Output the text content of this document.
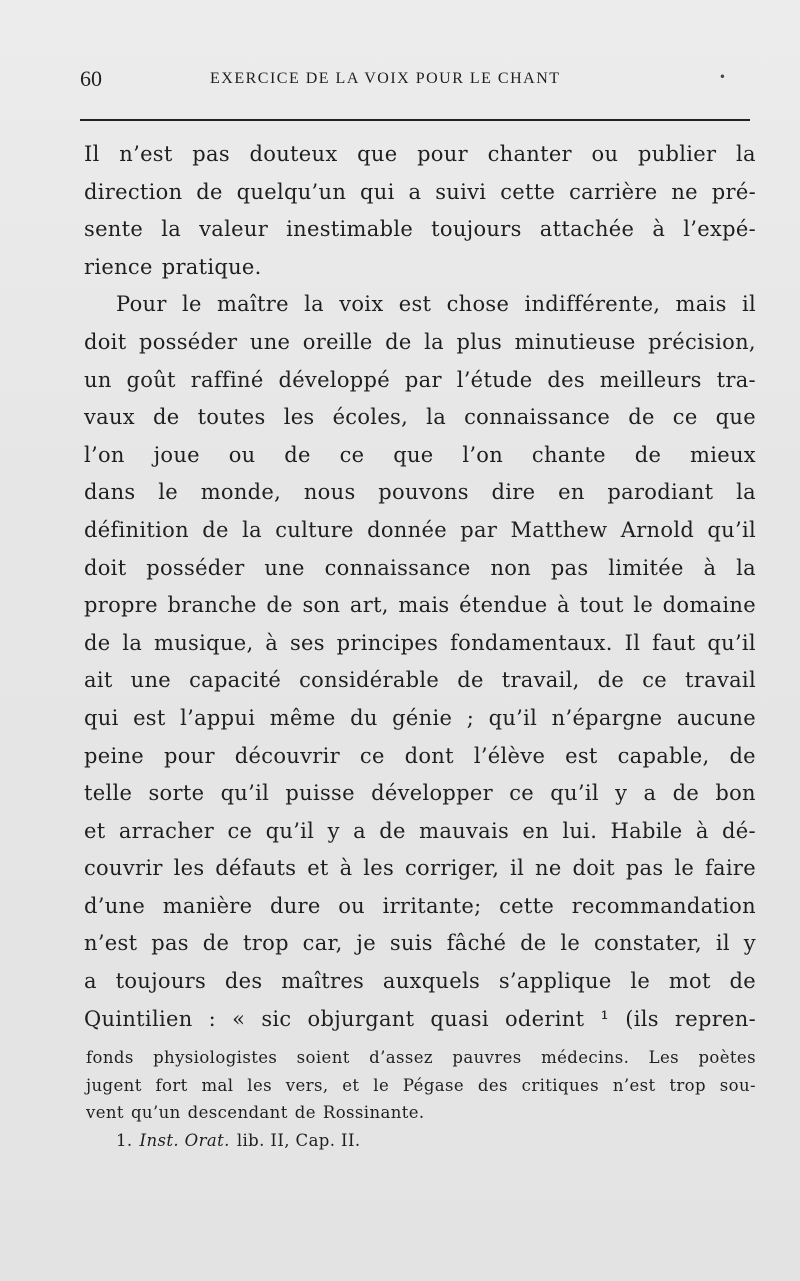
60	EXERCICE DE LA VOIX POUR LE CHANT	•
Il n’est pas douteux que pour chanter ou publier la
direction de quelqu’un qui a suivi cette carrière ne pré-
sente la valeur inestimable toujours attachée à l’expé-
rience pratique.
Pour le maître la voix est chose indifférente, mais il
doit posséder une oreille de la plus minutieuse précision,
un goût raffiné développé par l’étude des meilleurs tra-
vaux de toutes les écoles, la connaissance de ce que
l’on joue ou de ce que l’on chante de mieux
dans le monde, nous pouvons dire en parodiant la
définition de la culture donnée par Matthew Arnold qu’il
doit posséder une connaissance non pas limitée à la
propre branche de son art, mais étendue à tout le domaine
de la musique, à ses principes fondamentaux. Il faut qu’il
ait une capacité considérable de travail, de ce travail
qui est l’appui même du génie ; qu’il n’épargne aucune
peine pour découvrir ce dont l’élève est capable, de
telle sorte qu’il puisse développer ce qu’il y a de bon
et arracher ce qu’il y a de mauvais en lui. Habile à dé-
couvrir les défauts et à les corriger, il ne doit pas le faire
d’une manière dure ou irritante; cette recommandation
n’est pas de trop car, je suis fâché de le constater, il y
a toujours des maîtres auxquels s’applique le mot de
Quintilien : « sic objurgant quasi oderint ¹ (ils repren-
fonds physiologistes soient d’assez pauvres médecins. Les poètes
jugent fort mal les vers, et le Pégase des critiques n’est trop sou-
vent qu’un descendant de Rossinante.
1. Inst. Orat. lib. II, Cap. II.
